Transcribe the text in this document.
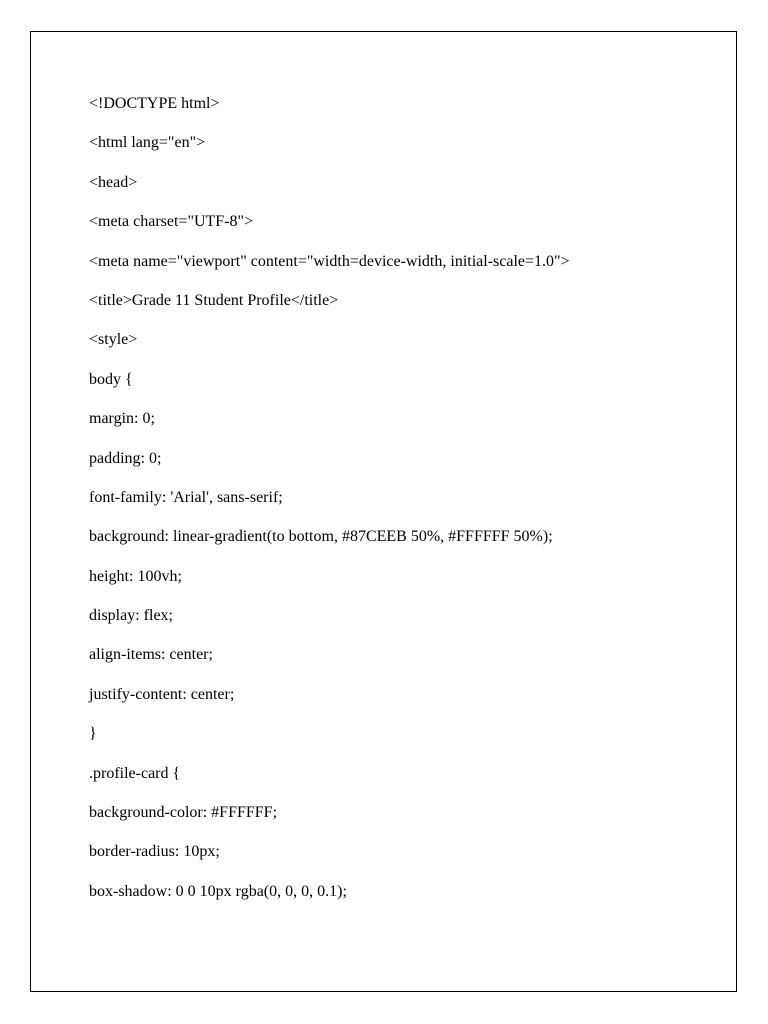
<!DOCTYPE html>
<html lang="en">
<head>
<meta charset="UTF-8">
<meta name="viewport" content="width=device-width, initial-scale=1.0">
<title>Grade 11 Student Profile</title>
<style>
body {
margin: 0;
padding: 0;
font-family: 'Arial', sans-serif;
background: linear-gradient(to bottom, #87CEEB 50%, #FFFFFF 50%);
height: 100vh;
display: flex;
align-items: center;
justify-content: center;
}
.profile-card {
background-color: #FFFFFF;
border-radius: 10px;
box-shadow: 0 0 10px rgba(0, 0, 0, 0.1);
